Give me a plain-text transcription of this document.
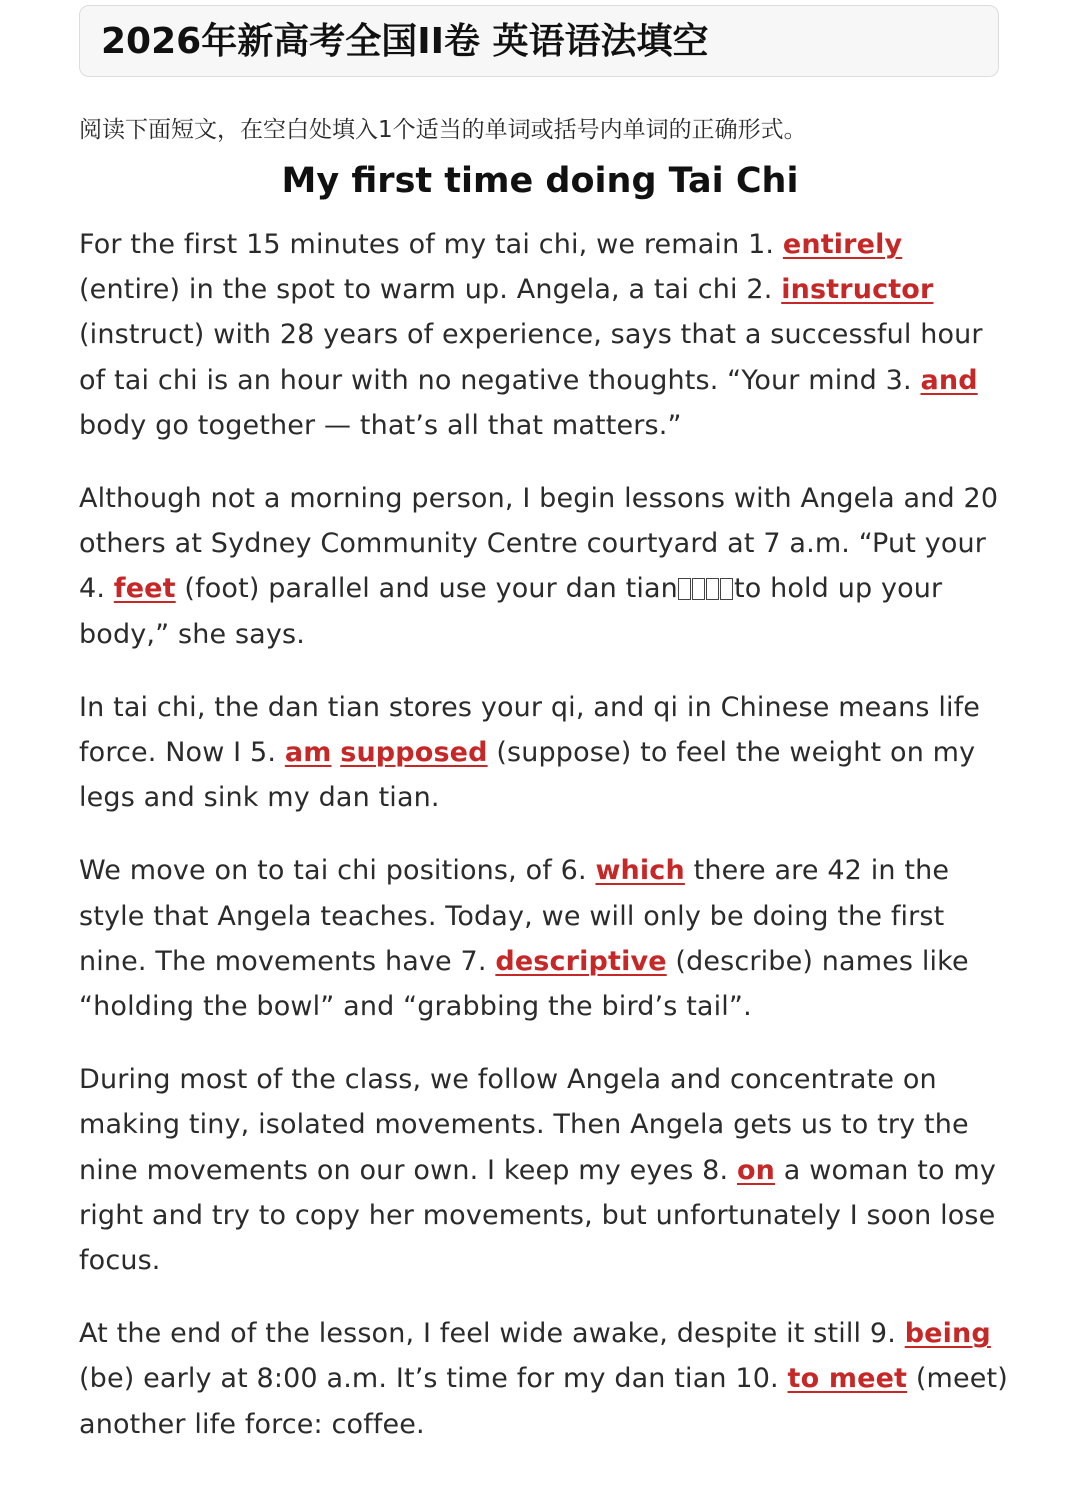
2026年新高考全国II卷 英语语法填空
阅读下面短文，在空白处填入1个适当的单词或括号内单词的正确形式。
My first time doing Tai Chi

For the first 15 minutes of my tai chi, we remain 1. entirely (entire) in the spot to warm up. Angela, a tai chi 2. instructor (instruct) with 28 years of experience, says that a successful hour of tai chi is an hour with no negative thoughts. “Your mind 3. and body go together — that’s all that matters.”

Although not a morning person, I begin lessons with Angela and 20 others at Sydney Community Centre courtyard at 7 a.m. “Put your 4. feet (foot) parallel and use your dan tian to hold up your body,” she says.

In tai chi, the dan tian stores your qi, and qi in Chinese means life force. Now I 5. am supposed (suppose) to feel the weight on my legs and sink my dan tian.

We move on to tai chi positions, of 6. which there are 42 in the style that Angela teaches. Today, we will only be doing the first nine. The movements have 7. descriptive (describe) names like “holding the bowl” and “grabbing the bird’s tail”.

During most of the class, we follow Angela and concentrate on making tiny, isolated movements. Then Angela gets us to try the nine movements on our own. I keep my eyes 8. on a woman to my right and try to copy her movements, but unfortunately I soon lose focus.

At the end of the lesson, I feel wide awake, despite it still 9. being (be) early at 8:00 a.m. It’s time for my dan tian 10. to meet (meet) another life force: coffee.
